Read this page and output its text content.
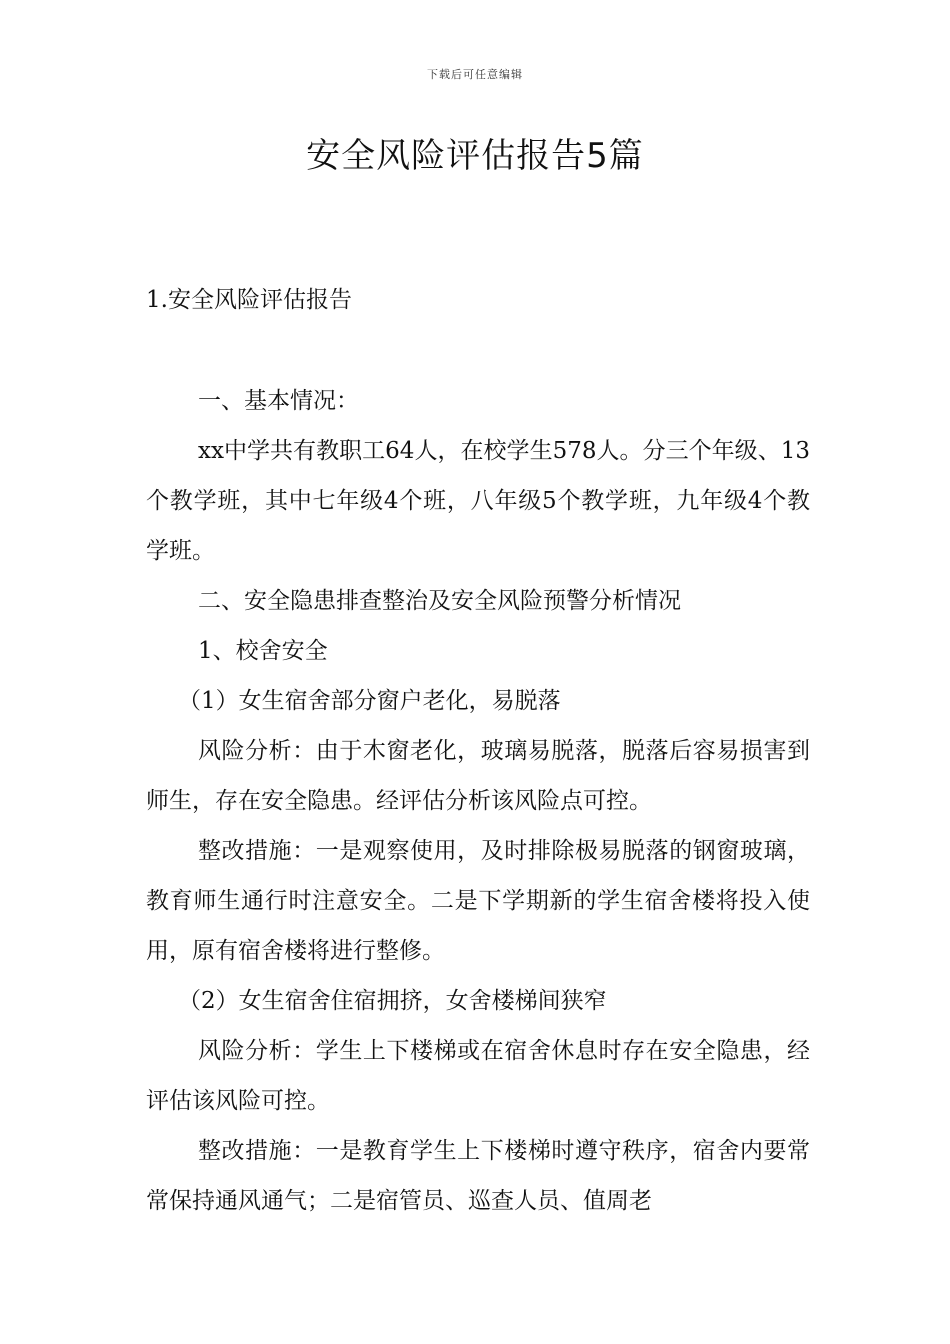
下载后可任意编辑
安全风险评估报告5篇
1.安全风险评估报告

一、基本情况：

xx中学共有教职工64人，在校学生578人。分三个年级、13个教学班，其中七年级4个班，八年级5个教学班，九年级4个教学班。

二、安全隐患排查整治及安全风险预警分析情况

1、校舍安全

（1）女生宿舍部分窗户老化，易脱落

风险分析：由于木窗老化，玻璃易脱落，脱落后容易损害到师生，存在安全隐患。经评估分析该风险点可控。

整改措施：一是观察使用，及时排除极易脱落的钢窗玻璃，教育师生通行时注意安全。二是下学期新的学生宿舍楼将投入使用，原有宿舍楼将进行整修。

（2）女生宿舍住宿拥挤，女舍楼梯间狭窄

风险分析：学生上下楼梯或在宿舍休息时存在安全隐患，经评估该风险可控。

整改措施：一是教育学生上下楼梯时遵守秩序，宿舍内要常常保持通风通气；二是宿管员、巡查人员、值周老
